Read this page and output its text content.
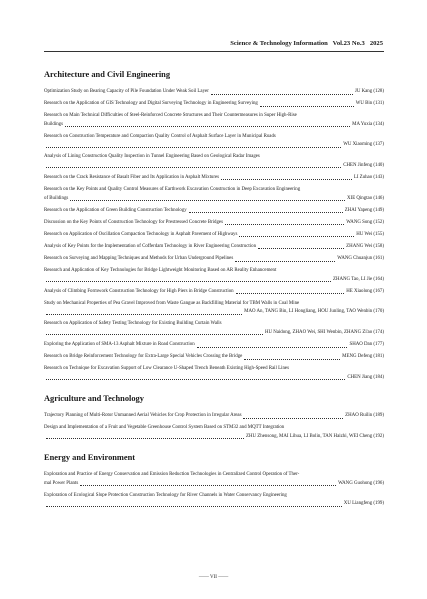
Science & Technology Information Vol.23 No.3 2025
Architecture and Civil Engineering
Optimization Study on Bearing Capacity of Pile Foundation Under Weak Soil Layer	JU Kang (128)
Research on the Application of GIS Technology and Digital Surveying Technology in Engineering Surveying	WU Bin (131)
Research on Main Technical Difficulties of Steel-Reinforced Concrete Structures and Their Countermeasures in Super High-Rise
Buildings	MA Yuxia (134)
Research on Construction Temperature and Compaction Quality Control of Asphalt Surface Layer in Municipal Roads
WU Xiaoming (137)
Analysis of Lining Construction Quality Inspection in Tunnel Engineering Based on Geological Radar Images
CHEN Jinfeng (140)
Research on the Crack Resistance of Basalt Fiber and Its Application in Asphalt Mixtures	LI Zuhao (143)
Research on the Key Points and Quality Control Measures of Earthwork Excavation Construction in Deep Excavation Engineering
of Buildings	XIE Qingtao (146)
Research on the Application of Green Building Construction Technology	ZHAI Yapeng (149)
Discussion on the Key Points of Construction Technology for Prestressed Concrete Bridges	WANG Song (152)
Research on Application of Oscillation Compaction Technology in Asphalt Pavement of Highways	HU Wei (155)
Analysis of Key Points for the Implementation of Cofferdam Technology in River Engineering Construction	ZHANG Wei (158)
Research on Surveying and Mapping Techniques and Methods for Urban Underground Pipelines	WANG Chuanjun (161)
Research and Application of Key Technologies for Bridge Lightweight Monitoring Based on AR Reality Enhancement
ZHANG Tao, LI Jie (164)
Analysis of Climbing Formwork Construction Technology for High Piers in Bridge Construction	HE Xiaolong (167)
Study on Mechanical Properties of Pea Gravel Improved from Waste Gangue as Backfilling Material for TBM Walls in Coal Mine
MAO An, TANG Bin, LI Hongliang, HOU Junling, TAO Wenbin (170)
Research on Application of Safety Testing Technology for Existing Building Curtain Walls
HU Naidong, ZHAO Wei, SHI Wenbin, ZHANG Zi'ao (174)
Exploring the Application of SMA-13 Asphalt Mixture in Road Construction	SHAO Dan (177)
Research on Bridge Reinforcement Technology for Extra-Large Special Vehicles Crossing the Bridge	MENG Defeng (181)
Research on Technique for Excavation Support of Low Clearance U-Shaped Trench Beneath Existing High-Speed Rail Lines
CHEN Jiang (184)
Agriculture and Technology
Trajectory Planning of Multi-Rotor Unmanned Aerial Vehicles for Crop Protection in Irregular Areas	ZHAO Ruilin (189)
Design and Implementation of a Fruit and Vegetable Greenhouse Control System Based on STM32 and MQTT Integration
ZHU Zhensong, MAI Lihua, LI Bolin, TAN Haizhi, WEI Cheng (192)
Energy and Environment
Exploration and Practice of Energy Conservation and Emission Reduction Technologies in Centralized Control Operation of Ther-
mal Power Plants	WANG Guohong (196)
Exploration of Ecological Slope Protection Construction Technology for River Channels in Water Conservancy Engineering
XU Liangfeng (199)
—— VII ——
